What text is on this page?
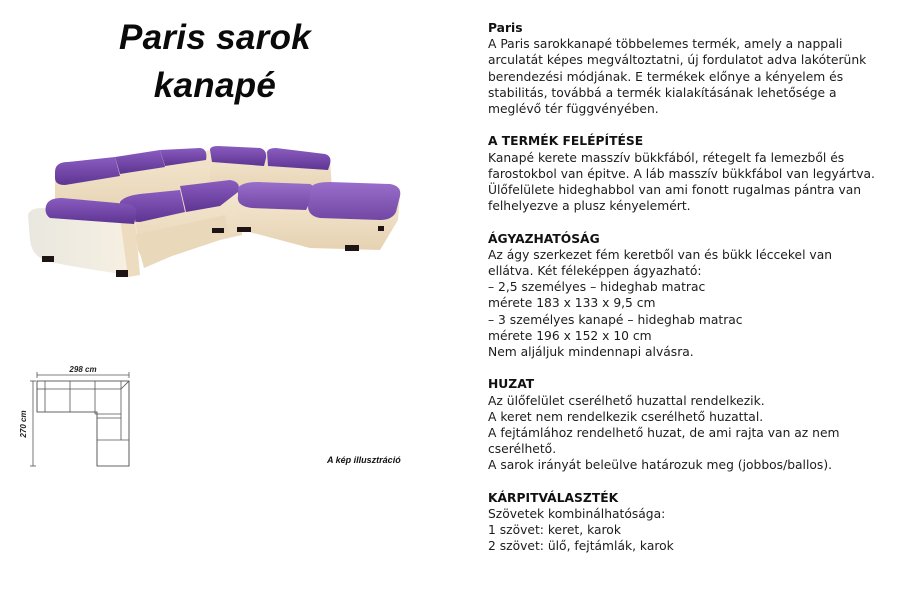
Paris sarok
kanapé
298 cm
270 cm
A kép illusztráció
Paris

A Paris sarokkanapé többelemes termék, amely a nappali
arculatát képes megváltoztatni, új fordulatot adva lakóterünk
berendezési módjának. E termékek előnye a kényelem és
stabilitás, továbbá a termék kialakításának lehetősége a
meglévő tér függvényében.

A TERMÉK FELÉPÍTÉSE

Kanapé kerete masszív bükkfából, rétegelt fa lemezből és
farostokbol van épitve. A láb masszív bükkfábol van legyártva.
Ülőfelülete hideghabbol van ami fonott rugalmas pántra van
felhelyezve a plusz kényelemért.

ÁGYAZHATÓSÁG

Az ágy szerkezet fém keretből van és bükk léccekel van
ellátva. Két féleképpen ágyazható:
– 2,5 személyes – hideghab matrac
mérete 183 x 133 x 9,5 cm
– 3 személyes kanapé – hideghab matrac
mérete 196 x 152 x 10 cm
Nem aljáljuk mindennapi alvásra.

HUZAT

Az ülőfelület cserélhető huzattal rendelkezik.
A keret nem rendelkezik cserélhető huzattal.
A fejtámlához rendelhető huzat, de ami rajta van az nem
cserélhető.
A sarok irányát beleülve határozuk meg (jobbos/ballos).

KÁRPITVÁLASZTÉK

Szövetek kombinálhatósága:
1 szövet: keret, karok
2 szövet: ülő, fejtámlák, karok
